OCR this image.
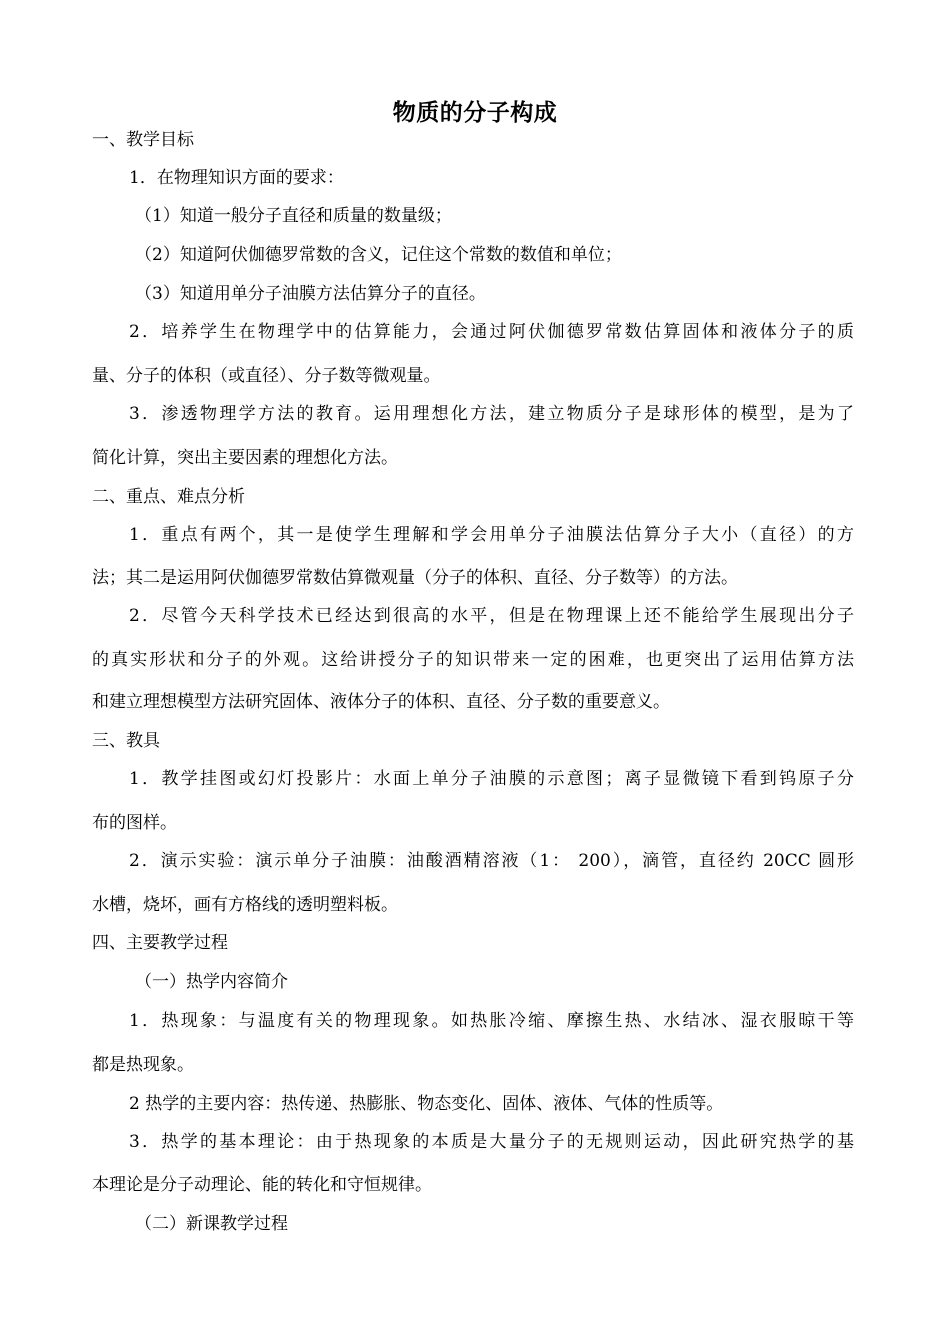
物质的分子构成
一、教学目标
1．在物理知识方面的要求：
（1）知道一般分子直径和质量的数量级；
（2）知道阿伏伽德罗常数的含义，记住这个常数的数值和单位；
（3）知道用单分子油膜方法估算分子的直径。
2．培养学生在物理学中的估算能力，会通过阿伏伽德罗常数估算固体和液体分子的质
量、分子的体积（或直径）、分子数等微观量。
3．渗透物理学方法的教育。运用理想化方法，建立物质分子是球形体的模型，是为了
简化计算，突出主要因素的理想化方法。
二、重点、难点分析
1．重点有两个，其一是使学生理解和学会用单分子油膜法估算分子大小（直径）的方
法；其二是运用阿伏伽德罗常数估算微观量（分子的体积、直径、分子数等）的方法。
2．尽管今天科学技术已经达到很高的水平，但是在物理课上还不能给学生展现出分子
的真实形状和分子的外观。这给讲授分子的知识带来一定的困难，也更突出了运用估算方法
和建立理想模型方法研究固体、液体分子的体积、直径、分子数的重要意义。
三、教具
1．教学挂图或幻灯投影片：水面上单分子油膜的示意图；离子显微镜下看到钨原子分
布的图样。
2．演示实验：演示单分子油膜：油酸酒精溶液（1： 200），滴管，直径约 20CC 圆形
水槽，烧坏，画有方格线的透明塑料板。
四、主要教学过程
（一）热学内容简介
1．热现象：与温度有关的物理现象。如热胀冷缩、摩擦生热、水结冰、湿衣服晾干等
都是热现象。
2 热学的主要内容：热传递、热膨胀、物态变化、固体、液体、气体的性质等。
3．热学的基本理论：由于热现象的本质是大量分子的无规则运动，因此研究热学的基
本理论是分子动理论、能的转化和守恒规律。
（二）新课教学过程
